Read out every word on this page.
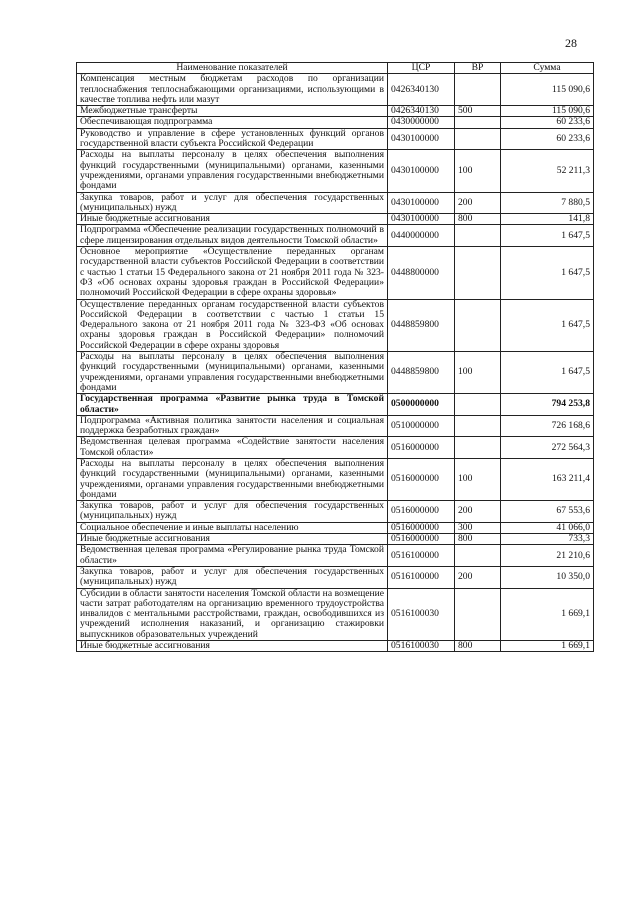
28
Наименование показателей	ЦСР	ВР	Сумма
Компенсация местным бюджетам расходов по организации теплоснабжения теплоснабжающими организациями, использующими в качестве топлива нефть или мазут	0426340130		115 090,6
Межбюджетные трансферты	0426340130	500	115 090,6
Обеспечивающая подпрограмма	0430000000		60 233,6
Руководство и управление в сфере установленных функций органов государственной власти субъекта Российской Федерации	0430100000		60 233,6
Расходы на выплаты персоналу в целях обеспечения выполнения функций государственными (муниципальными) органами, казенными учреждениями, органами управления государственными внебюджетными фондами	0430100000	100	52 211,3
Закупка товаров, работ и услуг для обеспечения государственных (муниципальных) нужд	0430100000	200	7 880,5
Иные бюджетные ассигнования	0430100000	800	141,8
Подпрограмма «Обеспечение реализации государственных полномочий в сфере лицензирования отдельных видов деятельности Томской области»	0440000000		1 647,5
Основное мероприятие «Осуществление переданных органам государственной власти субъектов Российской Федерации в соответствии с частью 1 статьи 15 Федерального закона от 21 ноября 2011 года № 323-ФЗ «Об основах охраны здоровья граждан в Российской Федерации» полномочий Российской Федерации в сфере охраны здоровья»	0448800000		1 647,5
Осуществление переданных органам государственной власти субъектов Российской Федерации в соответствии с частью 1 статьи 15 Федерального закона от 21 ноября 2011 года № 323-ФЗ «Об основах охраны здоровья граждан в Российской Федерации» полномочий Российской Федерации в сфере охраны здоровья	0448859800		1 647,5
Расходы на выплаты персоналу в целях обеспечения выполнения функций государственными (муниципальными) органами, казенными учреждениями, органами управления государственными внебюджетными фондами	0448859800	100	1 647,5
Государственная программа «Развитие рынка труда в Томской области»	0500000000		794 253,8
Подпрограмма «Активная политика занятости населения и социальная поддержка безработных граждан»	0510000000		726 168,6
Ведомственная целевая программа «Содействие занятости населения Томской области»	0516000000		272 564,3
Расходы на выплаты персоналу в целях обеспечения выполнения функций государственными (муниципальными) органами, казенными учреждениями, органами управления государственными внебюджетными фондами	0516000000	100	163 211,4
Закупка товаров, работ и услуг для обеспечения государственных (муниципальных) нужд	0516000000	200	67 553,6
Социальное обеспечение и иные выплаты населению	0516000000	300	41 066,0
Иные бюджетные ассигнования	0516000000	800	733,3
Ведомственная целевая программа «Регулирование рынка труда Томской области»	0516100000		21 210,6
Закупка товаров, работ и услуг для обеспечения государственных (муниципальных) нужд	0516100000	200	10 350,0
Субсидии в области занятости населения Томской области на возмещение части затрат работодателям на организацию временного трудоустройства инвалидов с ментальными расстройствами, граждан, освободившихся из учреждений исполнения наказаний, и организацию стажировки выпускников образовательных учреждений	0516100030		1 669,1
Иные бюджетные ассигнования	0516100030	800	1 669,1
